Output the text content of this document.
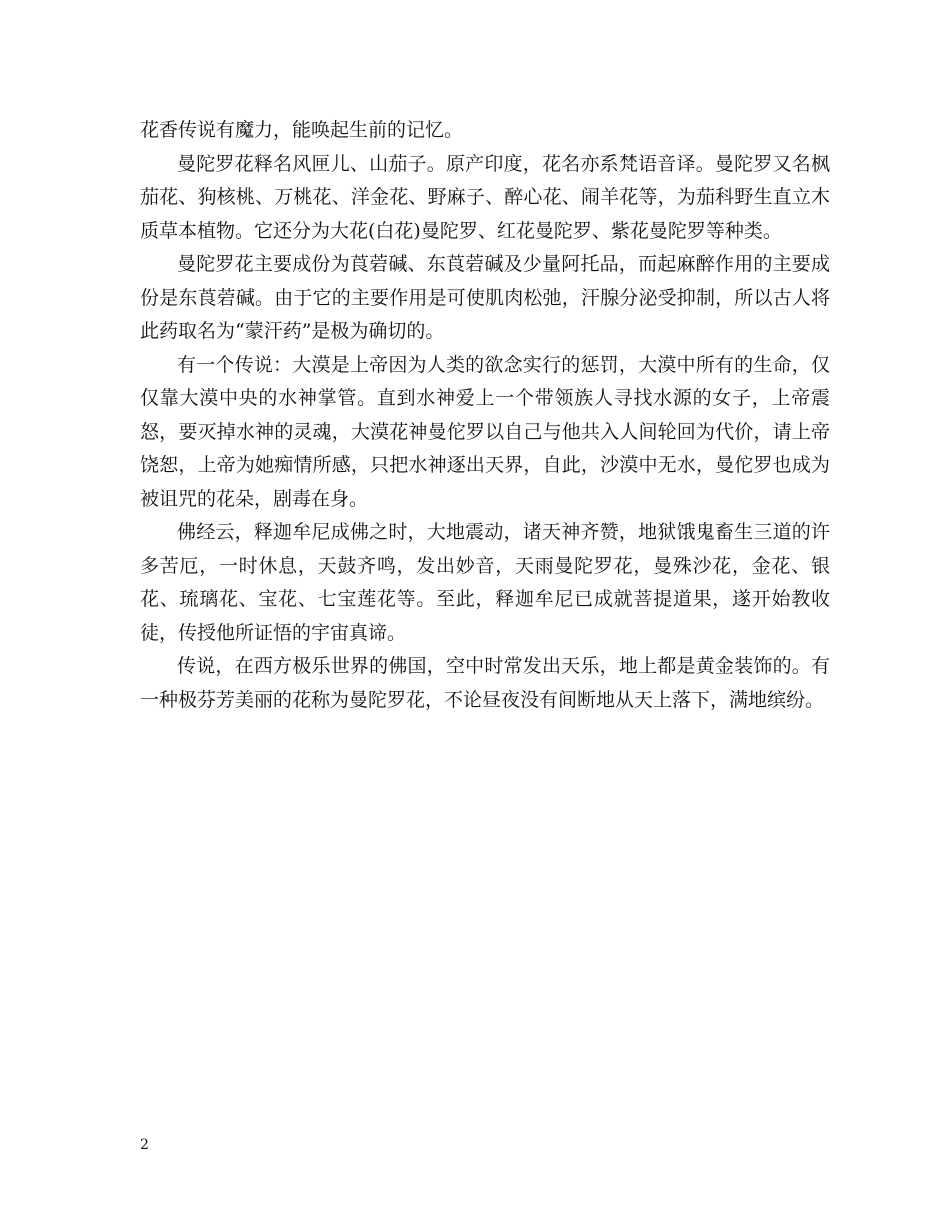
花香传说有魔力，能唤起生前的记忆。

曼陀罗花释名风匣儿、山茄子。原产印度，花名亦系梵语音译。曼陀罗又名枫茄花、狗核桃、万桃花、洋金花、野麻子、醉心花、闹羊花等，为茄科野生直立木质草本植物。它还分为大花(白花)曼陀罗、红花曼陀罗、紫花曼陀罗等种类。

曼陀罗花主要成份为莨菪碱、东莨菪碱及少量阿托品，而起麻醉作用的主要成份是东莨菪碱。由于它的主要作用是可使肌肉松弛，汗腺分泌受抑制，所以古人将此药取名为“蒙汗药”是极为确切的。

有一个传说：大漠是上帝因为人类的欲念实行的惩罚，大漠中所有的生命，仅仅靠大漠中央的水神掌管。直到水神爱上一个带领族人寻找水源的女子，上帝震怒，要灭掉水神的灵魂，大漠花神曼佗罗以自己与他共入人间轮回为代价，请上帝饶恕，上帝为她痴情所感，只把水神逐出天界，自此，沙漠中无水，曼佗罗也成为被诅咒的花朵，剧毒在身。

佛经云，释迦牟尼成佛之时，大地震动，诸天神齐赞，地狱饿鬼畜生三道的许多苦厄，一时休息，天鼓齐鸣，发出妙音，天雨曼陀罗花，曼殊沙花，金花、银花、琉璃花、宝花、七宝莲花等。至此，释迦牟尼已成就菩提道果，遂开始教收徒，传授他所证悟的宇宙真谛。

传说，在西方极乐世界的佛国，空中时常发出天乐，地上都是黄金装饰的。有一种极芬芳美丽的花称为曼陀罗花，不论昼夜没有间断地从天上落下，满地缤纷。

2
